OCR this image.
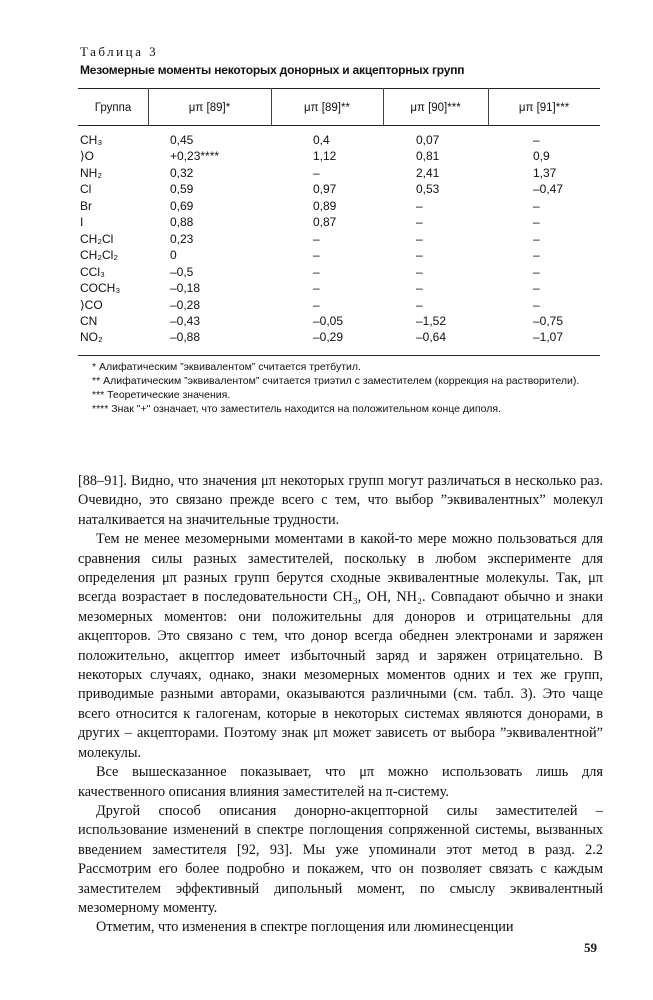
Таблица 3
Мезомерные моменты некоторых донорных и акцепторных групп
Группа	μπ [89]*	μπ [89]**	μπ [90]***	μπ [91]***
CH₃	0,45	0,4	0,07	–
⟩O	+0,23****	1,12	0,81	0,9
NH₂	0,32	–	2,41	1,37
Cl	0,59	0,97	0,53	–0,47
Br	0,69	0,89	–	–
I	0,88	0,87	–	–
CH₂Cl	0,23	–	–	–
CH₂Cl₂	0	–	–	–
CCl₃	–0,5	–	–	–
COCH₃	–0,18	–	–	–
⟩CO	–0,28	–	–	–
CN	–0,43	–0,05	–1,52	–0,75
NO₂	–0,88	–0,29	–0,64	–1,07

* Алифатическим ”эквивалентом” считается третбутил.

** Алифатическим ”эквивалентом” считается триэтил с заместителем (коррекция на растворители).

*** Теоретические значения.

**** Знак "+" означает, что заместитель находится на положительном конце диполя.

[88–91]. Видно, что значения μπ некоторых групп могут различаться в несколько раз. Очевидно, это связано прежде всего с тем, что выбор ”эквивалентных” молекул наталкивается на значительные трудности.

Тем не менее мезомерными моментами в какой-то мере можно пользоваться для сравнения силы разных заместителей, поскольку в любом эксперименте для определения μπ разных групп берутся сходные эквивалентные молекулы. Так, μπ всегда возрастает в последовательности CH₃, OH, NH₂. Совпадают обычно и знаки мезомерных моментов: они положительны для доноров и отрицательны для акцепторов. Это связано с тем, что донор всегда обеднен электронами и заряжен положительно, акцептор имеет избыточный заряд и заряжен отрицательно. В некоторых случаях, однако, знаки мезомерных моментов одних и тех же групп, приводимые разными авторами, оказываются различными (см. табл. 3). Это чаще всего относится к галогенам, которые в некоторых системах являются донорами, в других – акцепторами. Поэтому знак μπ может зависеть от выбора ”эквивалентной” молекулы.

Все вышесказанное показывает, что μπ можно использовать лишь для качественного описания влияния заместителей на π-систему.

Другой способ описания донорно-акцепторной силы заместителей – использование изменений в спектре поглощения сопряженной системы, вызванных введением заместителя [92, 93]. Мы уже упоминали этот метод в разд. 2.2 Рассмотрим его более подробно и покажем, что он позволяет связать с каждым заместителем эффективный дипольный момент, по смыслу эквивалентный мезомерному моменту.

Отметим, что изменения в спектре поглощения или люминесценции

59
